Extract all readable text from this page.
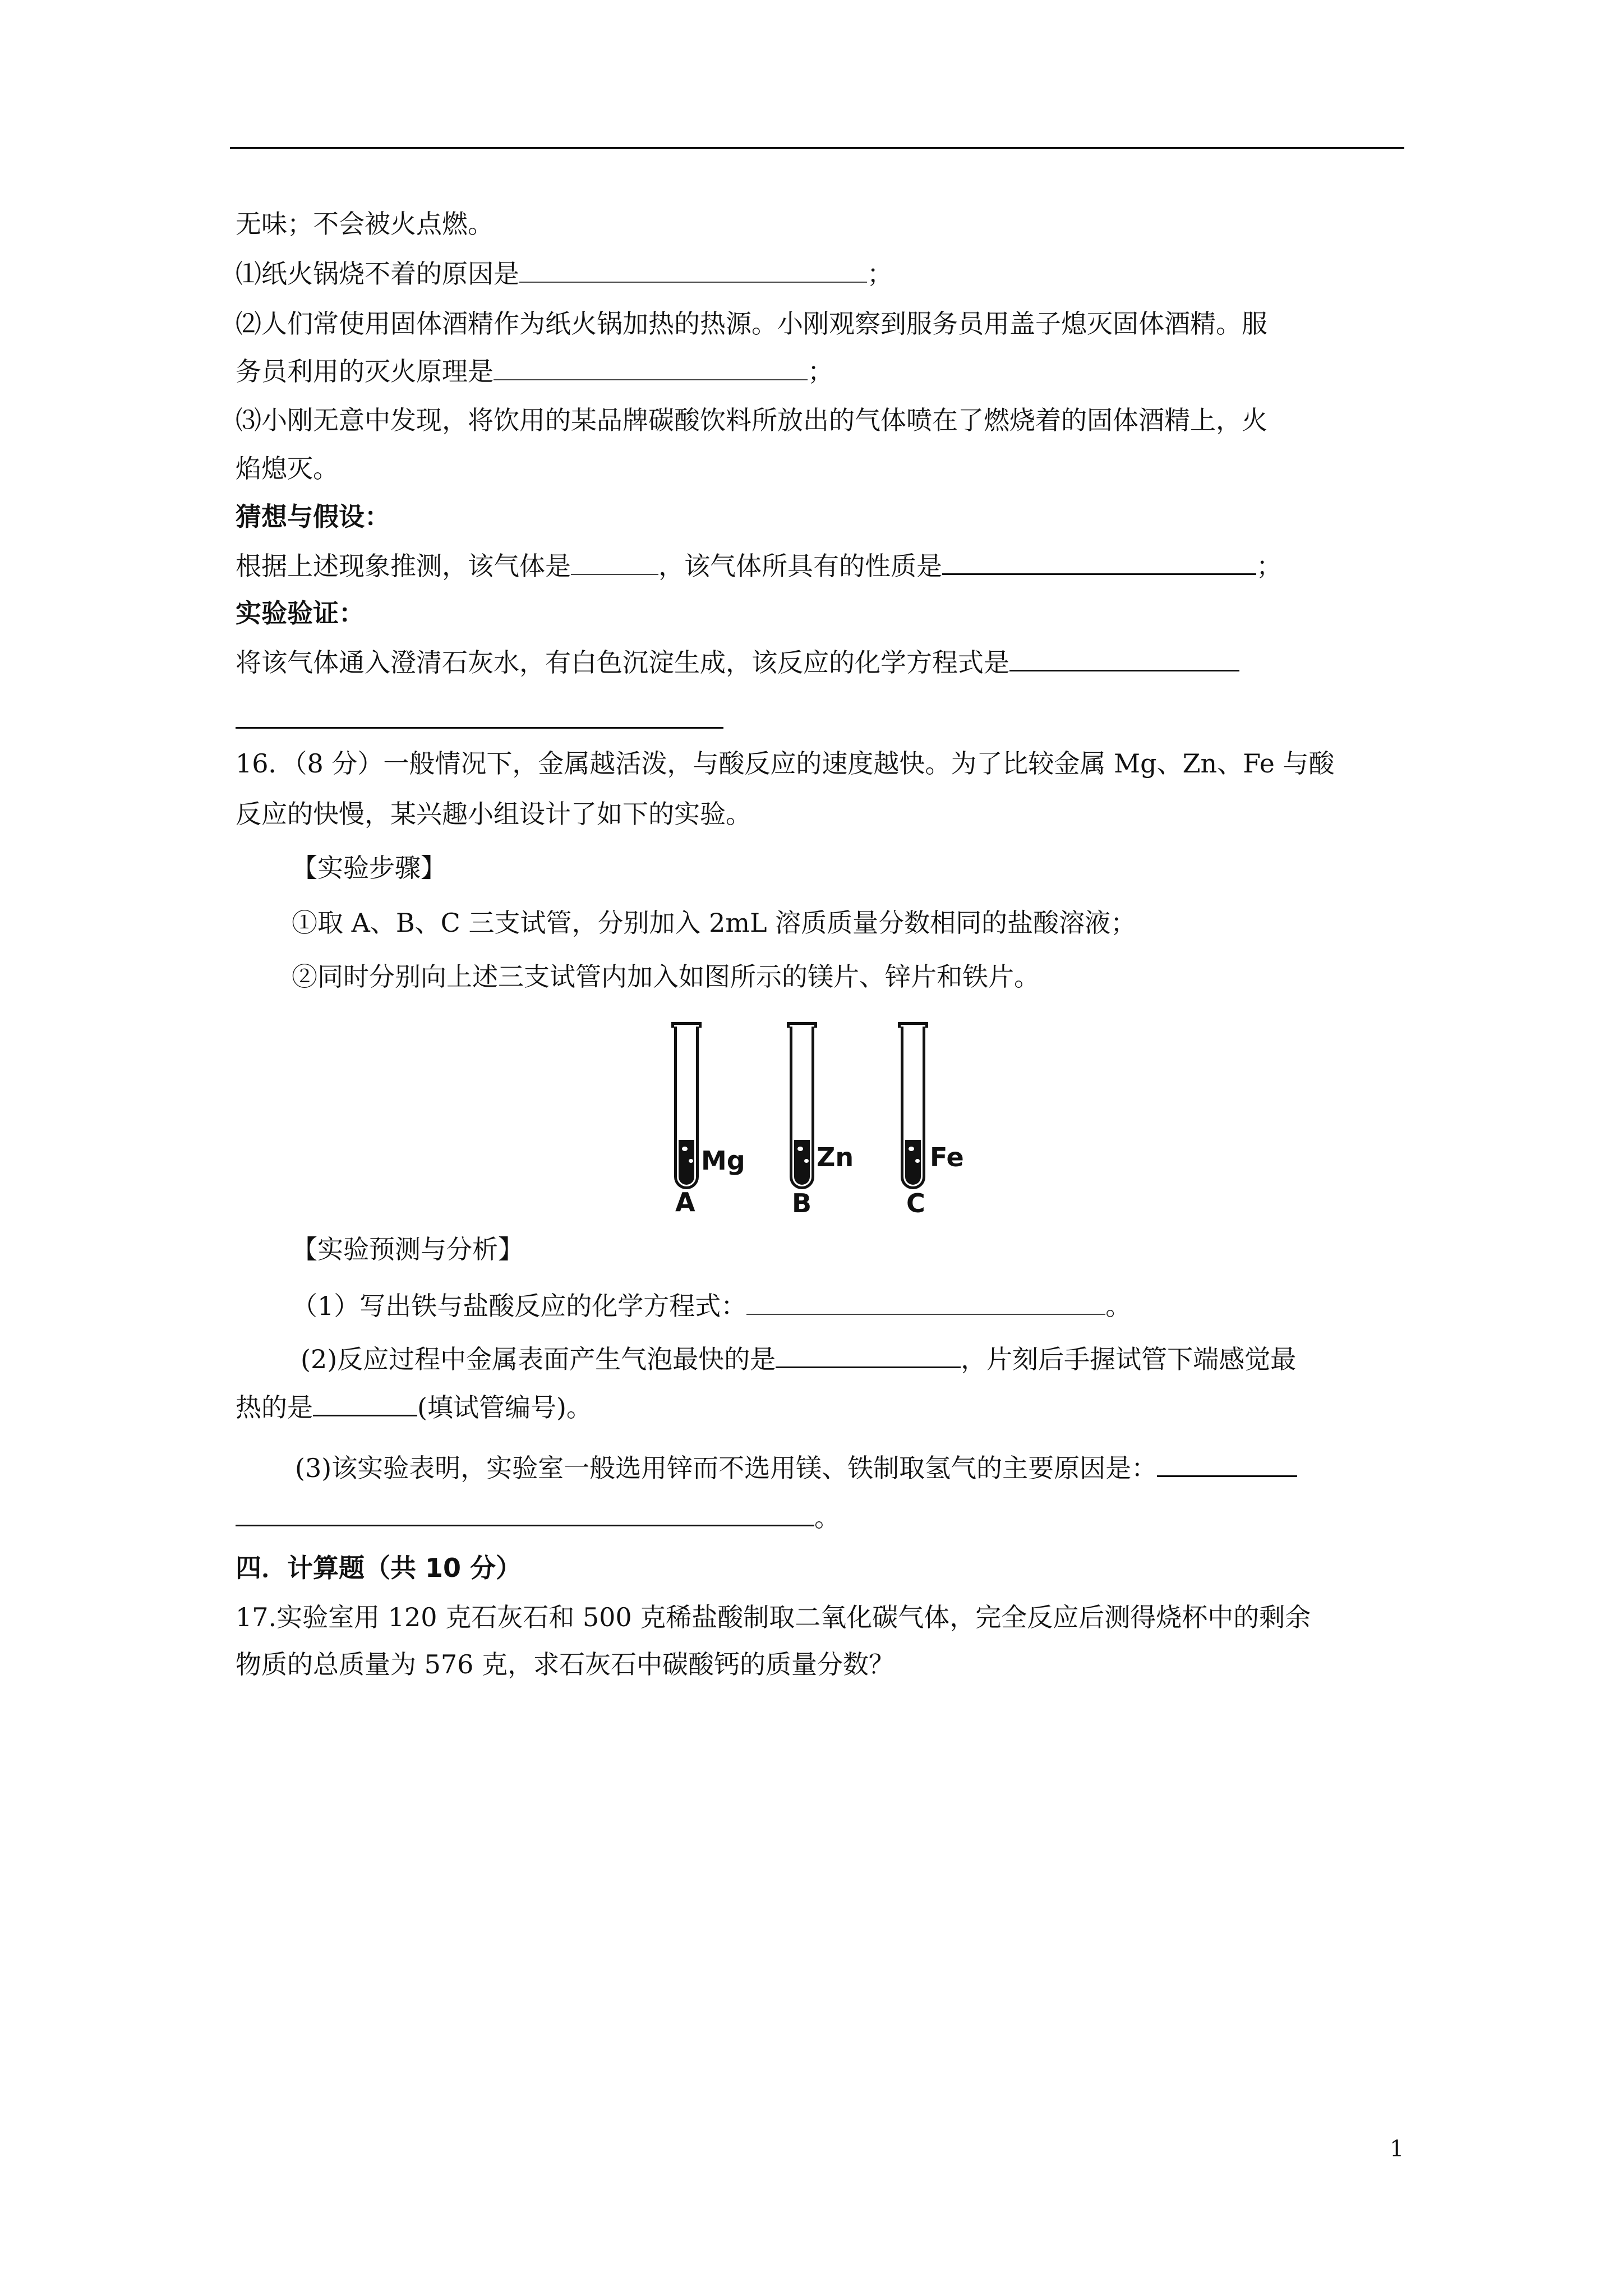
无味；不会被火点燃。
⑴纸火锅烧不着的原因是	；
⑵人们常使用固体酒精作为纸火锅加热的热源。小刚观察到服务员用盖子熄灭固体酒精。服
务员利用的灭火原理是	；
⑶小刚无意中发现，将饮用的某品牌碳酸饮料所放出的气体喷在了燃烧着的固体酒精上，火
焰熄灭。
猜想与假设：
根据上述现象推测，该气体是	，该气体所具有的性质是	；
实验验证：
将该气体通入澄清石灰水，有白色沉淀生成，该反应的化学方程式是
16．（8 分）一般情况下，金属越活泼，与酸反应的速度越快。为了比较金属 Mg、Zn、Fe 与酸
反应的快慢，某兴趣小组设计了如下的实验。
【实验步骤】
①取 A、B、C 三支试管，分别加入 2mL 溶质质量分数相同的盐酸溶液；
②同时分别向上述三支试管内加入如图所示的镁片、锌片和铁片。
Mg	Zn	Fe
A	B	C
【实验预测与分析】
（1）写出铁与盐酸反应的化学方程式：	。
(2)反应过程中金属表面产生气泡最快的是	，片刻后手握试管下端感觉最
热的是	(填试管编号)。
(3)该实验表明，实验室一般选用锌而不选用镁、铁制取氢气的主要原因是：
。
四．计算题（共 10 分）
17.实验室用 120 克石灰石和 500 克稀盐酸制取二氧化碳气体，完全反应后测得烧杯中的剩余
物质的总质量为 576 克，求石灰石中碳酸钙的质量分数？
1
